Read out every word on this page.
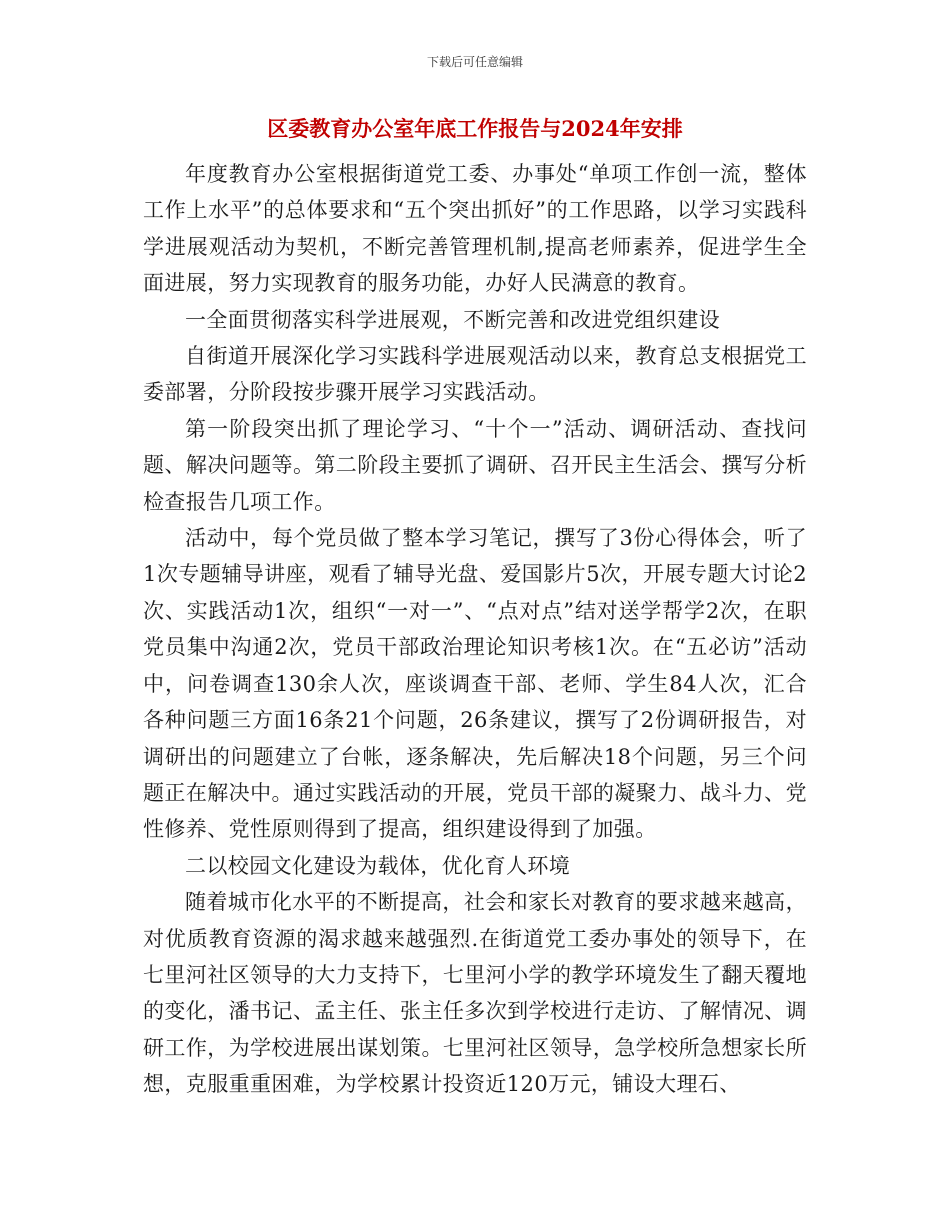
下载后可任意编辑
区委教育办公室年底工作报告与2024年安排

年度教育办公室根据街道党工委、办事处“单项工作创一流，整体工作上水平”的总体要求和“五个突出抓好”的工作思路，以学习实践科学进展观活动为契机，不断完善管理机制,提高老师素养，促进学生全面进展，努力实现教育的服务功能，办好人民满意的教育。

一全面贯彻落实科学进展观，不断完善和改进党组织建设

自街道开展深化学习实践科学进展观活动以来，教育总支根据党工委部署，分阶段按步骤开展学习实践活动。

第一阶段突出抓了理论学习、“十个一”活动、调研活动、查找问题、解决问题等。第二阶段主要抓了调研、召开民主生活会、撰写分析检查报告几项工作。

活动中，每个党员做了整本学习笔记，撰写了3份心得体会，听了1次专题辅导讲座，观看了辅导光盘、爱国影片5次，开展专题大讨论2次、实践活动1次，组织“一对一”、“点对点”结对送学帮学2次，在职党员集中沟通2次，党员干部政治理论知识考核1次。在“五必访”活动中，问卷调查130余人次，座谈调查干部、老师、学生84人次，汇合各种问题三方面16条21个问题，26条建议，撰写了2份调研报告，对调研出的问题建立了台帐，逐条解决，先后解决18个问题，另三个问题正在解决中。通过实践活动的开展，党员干部的凝聚力、战斗力、党性修养、党性原则得到了提高，组织建设得到了加强。

二以校园文化建设为载体，优化育人环境

随着城市化水平的不断提高，社会和家长对教育的要求越来越高，对优质教育资源的渴求越来越强烈.在街道党工委办事处的领导下，在七里河社区领导的大力支持下，七里河小学的教学环境发生了翻天覆地的变化，潘书记、孟主任、张主任多次到学校进行走访、了解情况、调研工作，为学校进展出谋划策。七里河社区领导，急学校所急想家长所想，克服重重困难，为学校累计投资近120万元，铺设大理石、
